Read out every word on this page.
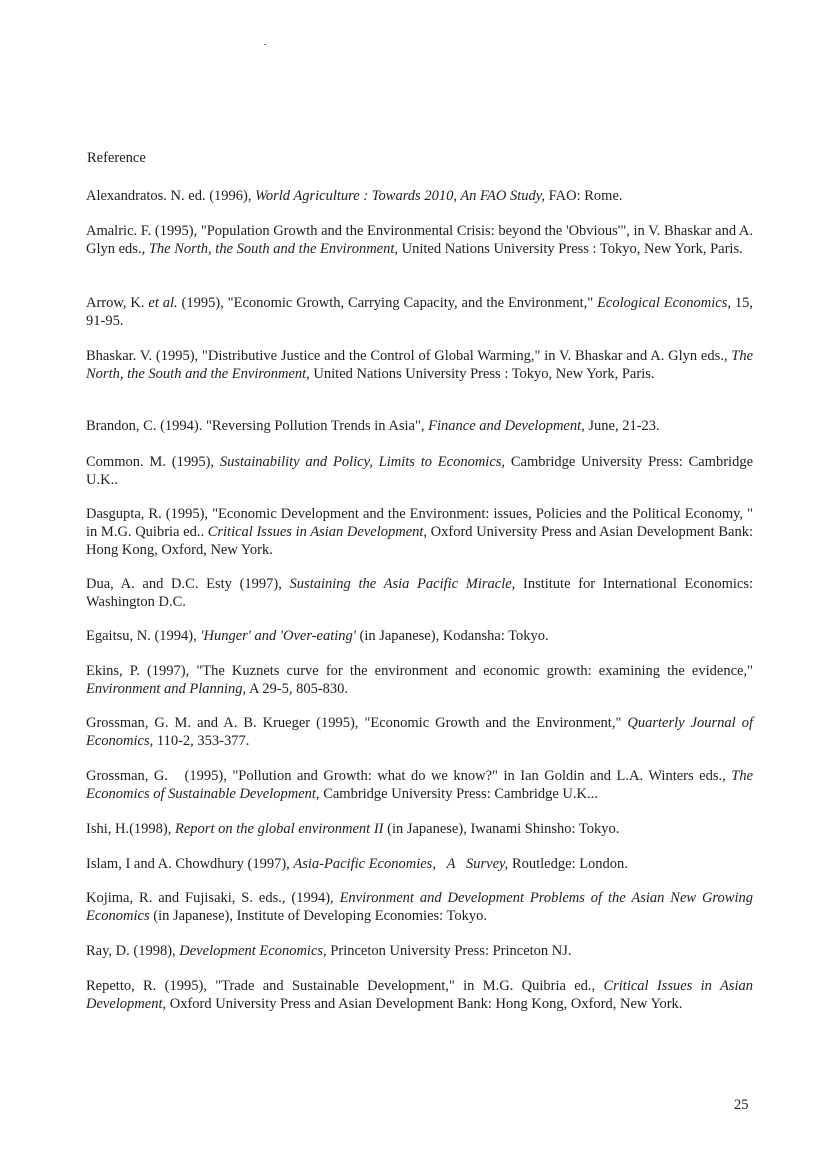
Reference

Alexandratos. N. ed. (1996), World Agriculture : Towards 2010, An FAO Study, FAO: Rome.

Amalric. F. (1995), "Population Growth and the Environmental Crisis: beyond the 'Obvious'", in V. Bhaskar and A. Glyn eds., The North, the South and the Environment, United Nations University Press : Tokyo, New York, Paris.

Arrow, K. et al. (1995), "Economic Growth, Carrying Capacity, and the Environment," Ecological Economics, 15, 91-95.

Bhaskar. V. (1995), "Distributive Justice and the Control of Global Warming," in V. Bhaskar and A. Glyn eds., The North, the South and the Environment, United Nations University Press : Tokyo, New York, Paris.

Brandon, C. (1994). "Reversing Pollution Trends in Asia", Finance and Development, June, 21-23.

Common. M. (1995), Sustainability and Policy, Limits to Economics, Cambridge University Press: Cambridge U.K..

Dasgupta, R. (1995), "Economic Development and the Environment: issues, Policies and the Political Economy, " in M.G. Quibria ed.. Critical Issues in Asian Development, Oxford University Press and Asian Development Bank: Hong Kong, Oxford, New York.

Dua, A. and D.C. Esty (1997), Sustaining the Asia Pacific Miracle, Institute for International Economics: Washington D.C.

Egaitsu, N. (1994), 'Hunger' and 'Over-eating' (in Japanese), Kodansha: Tokyo.

Ekins, P. (1997), "The Kuznets curve for the environment and economic growth: examining the evidence," Environment and Planning, A 29-5, 805-830.

Grossman, G. M. and A. B. Krueger (1995), "Economic Growth and the Environment," Quarterly Journal of Economics, 110-2, 353-377.

Grossman, G.   (1995), "Pollution and Growth: what do we know?" in Ian Goldin and L.A. Winters eds., The Economics of Sustainable Development, Cambridge University Press: Cambridge U.K...

Ishi, H.(1998), Report on the global environment II (in Japanese), Iwanami Shinsho: Tokyo.

Islam, I and A. Chowdhury (1997), Asia-Pacific Economies,   A   Survey, Routledge: London.

Kojima, R. and Fujisaki, S. eds., (1994), Environment and Development Problems of the Asian New Growing Economics (in Japanese), Institute of Developing Economies: Tokyo.

Ray, D. (1998), Development Economics, Princeton University Press: Princeton NJ.

Repetto, R. (1995), "Trade and Sustainable Development," in M.G. Quibria ed., Critical Issues in Asian Development, Oxford University Press and Asian Development Bank: Hong Kong, Oxford, New York.

25
